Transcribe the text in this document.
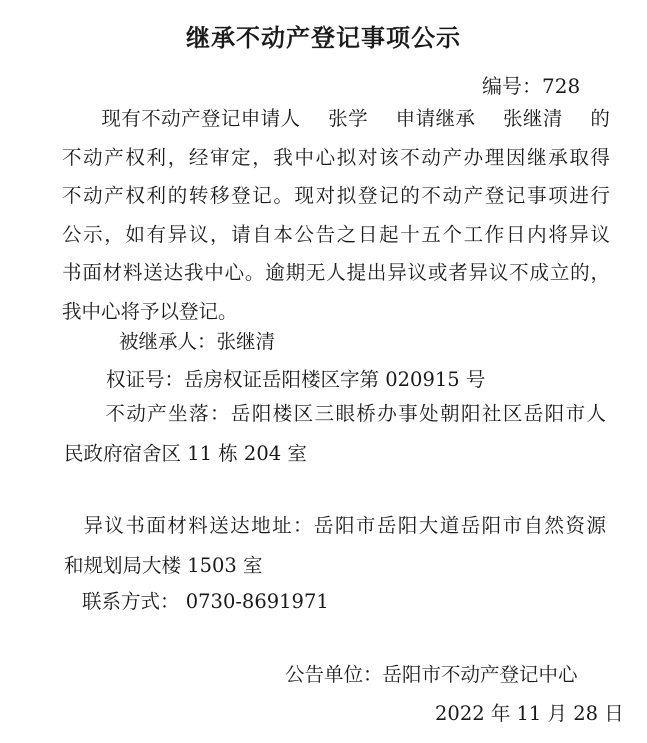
继承不动产登记事项公示
编号：728
现有不动产登记申请人 张学 申请继承 张继清 的
不动产权利，经审定，我中心拟对该不动产办理因继承取得
不动产权利的转移登记。现对拟登记的不动产登记事项进行
公示，如有异议，请自本公告之日起十五个工作日内将异议
书面材料送达我中心。逾期无人提出异议或者异议不成立的，
我中心将予以登记。
被继承人：张继清
权证号：岳房权证岳阳楼区字第 020915 号
不动产坐落：岳阳楼区三眼桥办事处朝阳社区岳阳市人
民政府宿舍区 11 栋 204 室
异议书面材料送达地址：岳阳市岳阳大道岳阳市自然资源
和规划局大楼 1503 室
联系方式： 0730-8691971
公告单位：岳阳市不动产登记中心
2022 年 11 月 28 日
